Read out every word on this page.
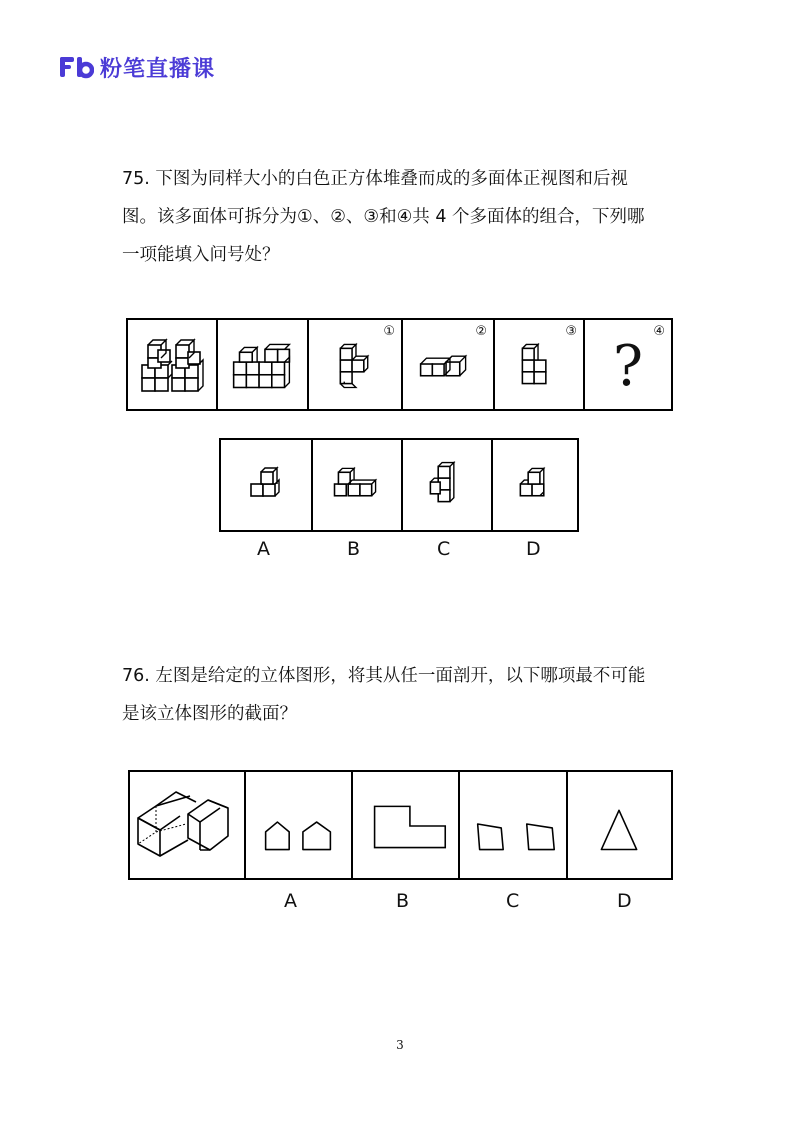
粉笔直播课
75. 下图为同样大小的白色正方体堆叠而成的多面体正视图和后视
图。该多面体可拆分为①、②、③和④共 4 个多面体的组合，下列哪
一项能填入问号处？
①	②	③	④
?
A	B	C	D
76. 左图是给定的立体图形，将其从任一面剖开，以下哪项最不可能
是该立体图形的截面？
A	B	C	D
3
